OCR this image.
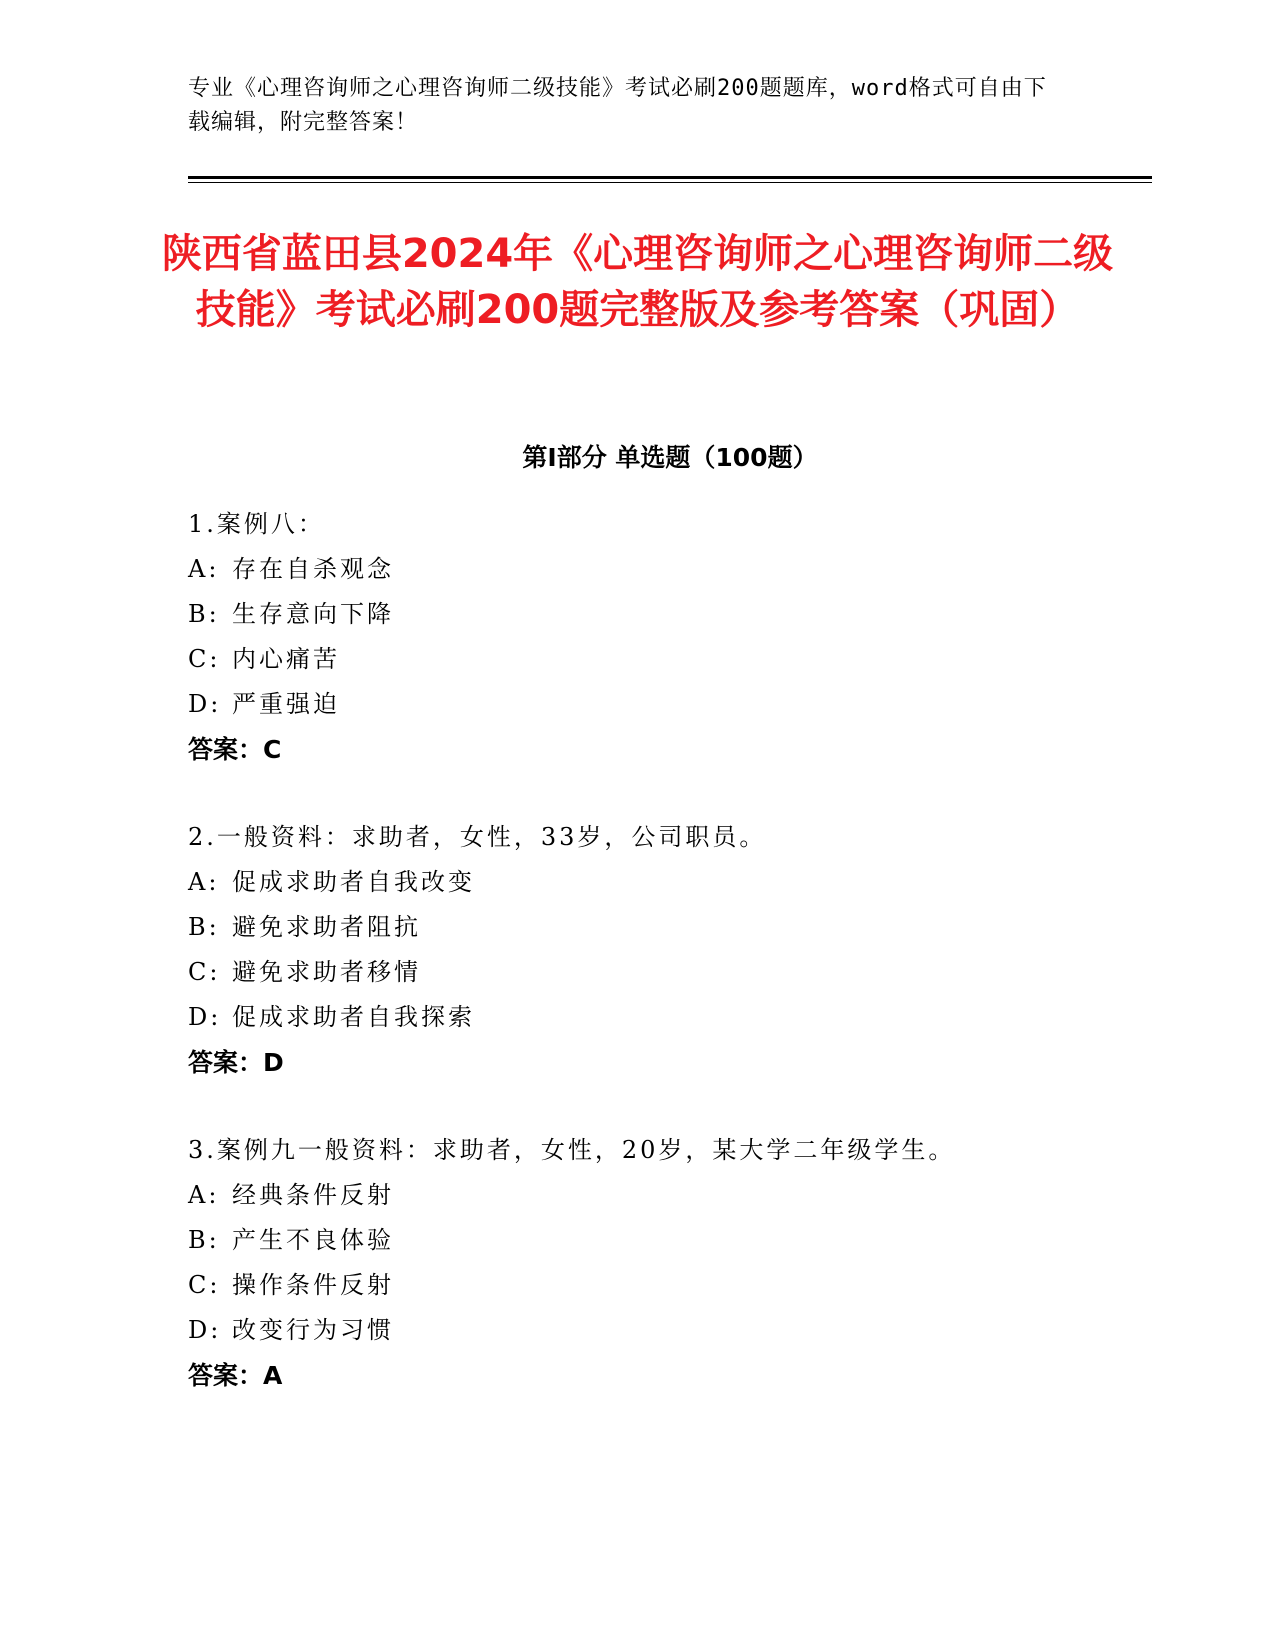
专业《心理咨询师之心理咨询师二级技能》考试必刷200题题库，word格式可自由下载编辑，附完整答案！
陕西省蓝田县2024年《心理咨询师之心理咨询师二级技能》考试必刷200题完整版及参考答案（巩固）
第Ⅰ部分 单选题（100题）
1.案例八：
A: 存在自杀观念
B: 生存意向下降
C: 内心痛苦
D: 严重强迫
答案：C
2.一般资料：求助者，女性，33岁，公司职员。
A: 促成求助者自我改变
B: 避免求助者阻抗
C: 避免求助者移情
D: 促成求助者自我探索
答案：D
3.案例九一般资料：求助者，女性，20岁，某大学二年级学生。
A: 经典条件反射
B: 产生不良体验
C: 操作条件反射
D: 改变行为习惯
答案：A
